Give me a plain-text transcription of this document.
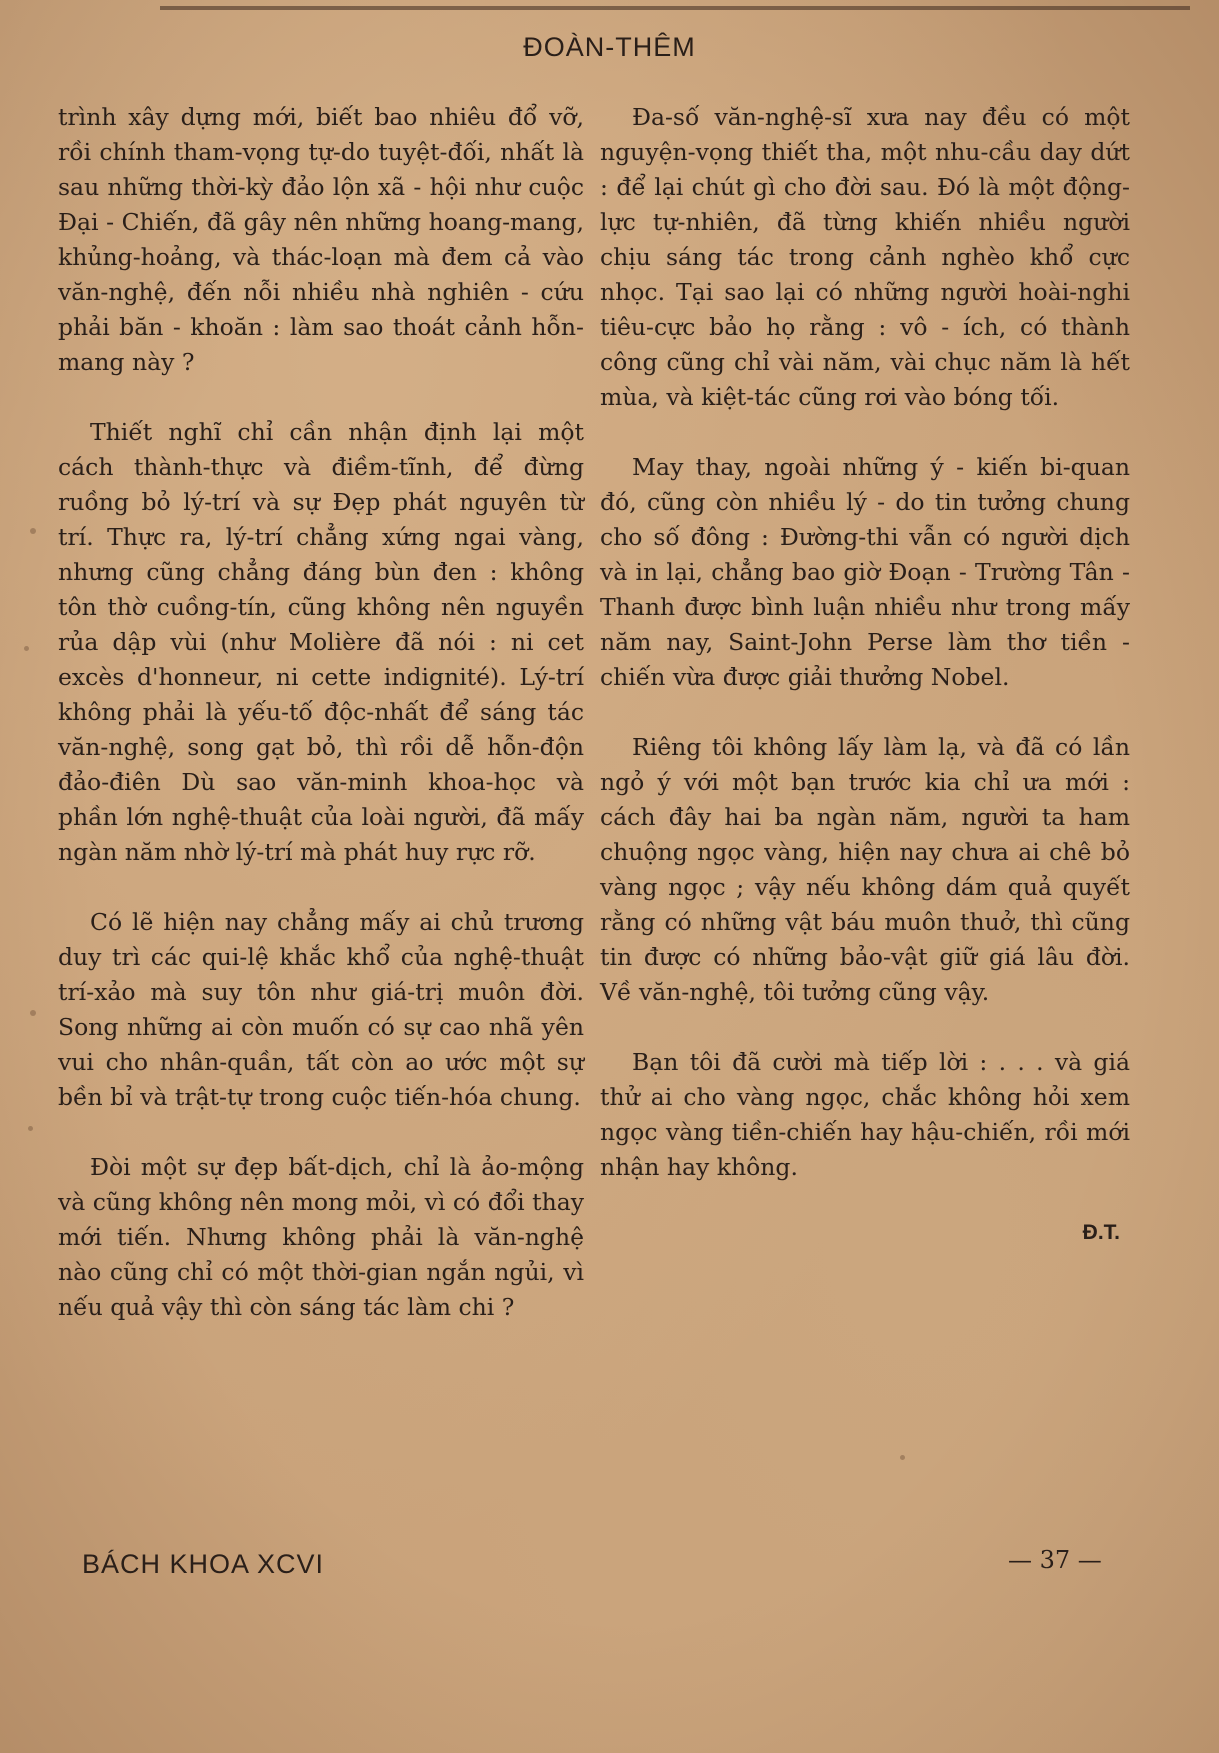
ĐOÀN-THÊM

trình xây dựng mới, biết bao nhiêu đổ vỡ, rồi chính tham-vọng tự-do tuyệt-đối, nhất là sau những thời-kỳ đảo lộn xã - hội như cuộc Đại - Chiến, đã gây nên những hoang-mang, khủng-hoảng, và thác-loạn mà đem cả vào văn-nghệ, đến nỗi nhiều nhà nghiên - cứu phải băn - khoăn : làm sao thoát cảnh hỗn-mang này ?

Thiết nghĩ chỉ cần nhận định lại một cách thành-thực và điềm-tĩnh, để đừng ruồng bỏ lý-trí và sự Đẹp phát nguyên từ trí. Thực ra, lý-trí chẳng xứng ngai vàng, nhưng cũng chẳng đáng bùn đen : không tôn thờ cuồng-tín, cũng không nên nguyền rủa dập vùi (như Molière đã nói : ni cet excès d'honneur, ni cette indignité). Lý-trí không phải là yếu-tố độc-nhất để sáng tác văn-nghệ, song gạt bỏ, thì rồi dễ hỗn-độn đảo-điên Dù sao văn-minh khoa-học và phần lớn nghệ-thuật của loài người, đã mấy ngàn năm nhờ lý-trí mà phát huy rực rỡ.

Có lẽ hiện nay chẳng mấy ai chủ trương duy trì các qui-lệ khắc khổ của nghệ-thuật trí-xảo mà suy tôn như giá-trị muôn đời. Song những ai còn muốn có sự cao nhã yên vui cho nhân-quần, tất còn ao ước một sự bền bỉ và trật-tự trong cuộc tiến-hóa chung.

Đòi một sự đẹp bất-dịch, chỉ là ảo-mộng và cũng không nên mong mỏi, vì có đổi thay mới tiến. Nhưng không phải là văn-nghệ nào cũng chỉ có một thời-gian ngắn ngủi, vì nếu quả vậy thì còn sáng tác làm chi ?

Đa-số văn-nghệ-sĩ xưa nay đều có một nguyện-vọng thiết tha, một nhu-cầu day dứt : để lại chút gì cho đời sau. Đó là một động-lực tự-nhiên, đã từng khiến nhiều người chịu sáng tác trong cảnh nghèo khổ cực nhọc. Tại sao lại có những người hoài-nghi tiêu-cực bảo họ rằng : vô - ích, có thành công cũng chỉ vài năm, vài chục năm là hết mùa, và kiệt-tác cũng rơi vào bóng tối.

May thay, ngoài những ý - kiến bi-quan đó, cũng còn nhiều lý - do tin tưởng chung cho số đông : Đường-thi vẫn có người dịch và in lại, chẳng bao giờ Đoạn - Trường Tân - Thanh được bình luận nhiều như trong mấy năm nay, Saint-John Perse làm thơ tiền - chiến vừa được giải thưởng Nobel.

Riêng tôi không lấy làm lạ, và đã có lần ngỏ ý với một bạn trước kia chỉ ưa mới : cách đây hai ba ngàn năm, người ta ham chuộng ngọc vàng, hiện nay chưa ai chê bỏ vàng ngọc ; vậy nếu không dám quả quyết rằng có những vật báu muôn thuở, thì cũng tin được có những bảo-vật giữ giá lâu đời. Về văn-nghệ, tôi tưởng cũng vậy.

Bạn tôi đã cười mà tiếp lời : . . . và giá thử ai cho vàng ngọc, chắc không hỏi xem ngọc vàng tiền-chiến hay hậu-chiến, rồi mới nhận hay không.

Đ.T.

BÁCH KHOA XCVI	— 37 —
